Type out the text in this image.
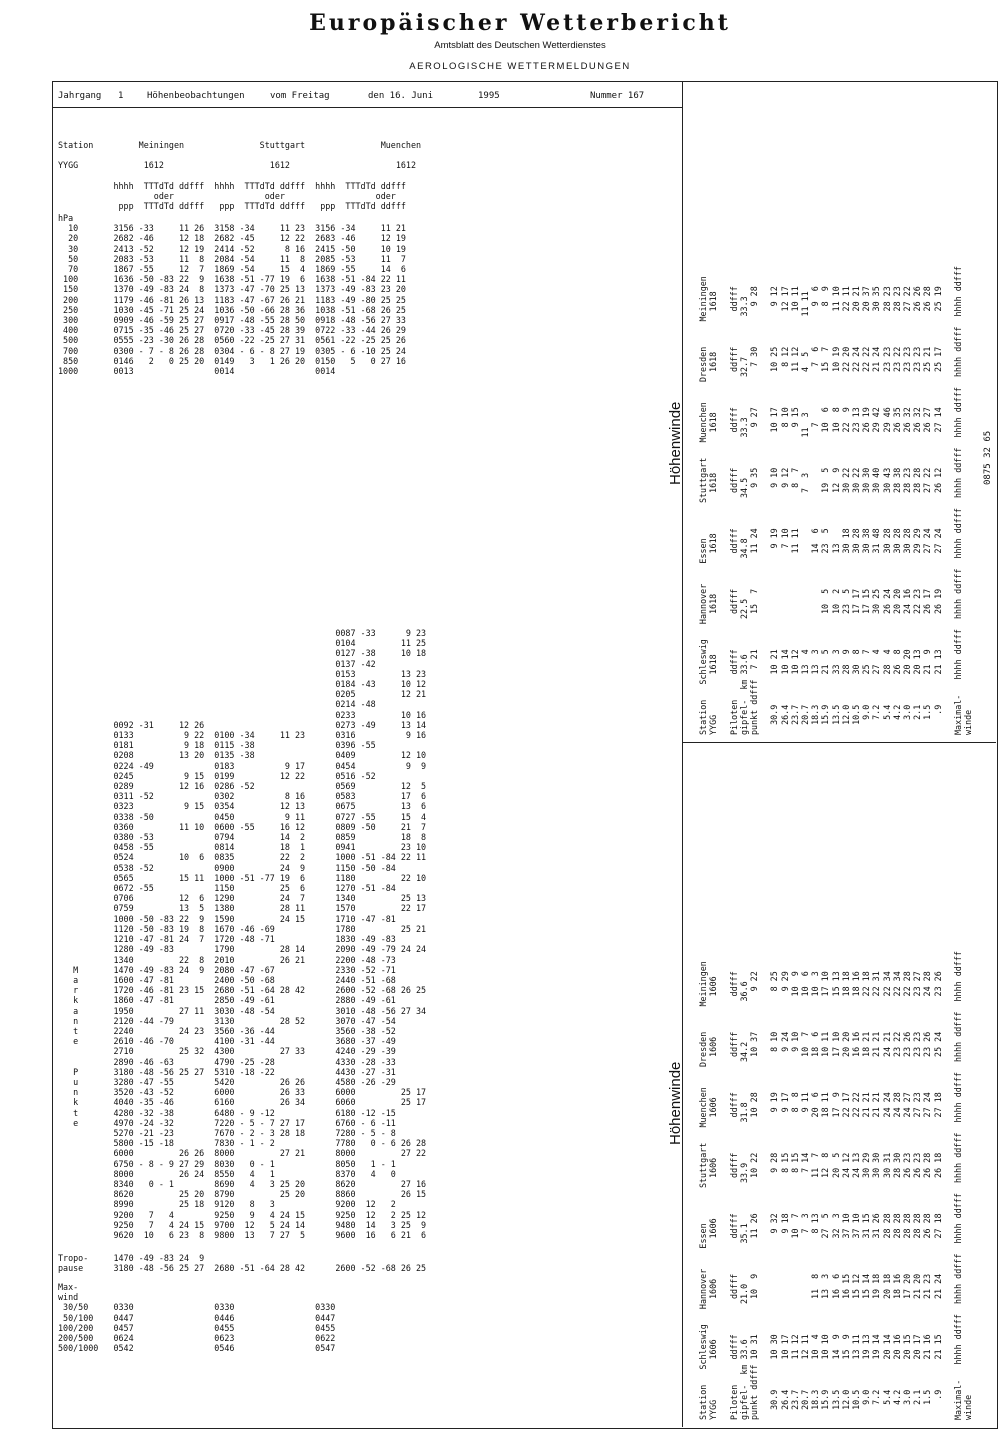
Europäischer Wetterbericht
Amtsblatt des Deutschen Wetterdienstes
AEROLOGISCHE WETTERMELDUNGEN
Jahrgang 1	Höhenbeobachtungen	vom Freitag	den 16. Juni	1995	Nummer 167
Station         Meiningen               Stuttgart               Muenchen

YYGG             1612                     1612                     1612

hhhh  TTTdTd ddfff  hhhh  TTTdTd ddfff  hhhh  TTTdTd ddfff
oder                  oder                  oder
ppp  TTTdTd ddfff   ppp  TTTdTd ddfff   ppp  TTTdTd ddfff
hPa
10       3156 -33     11 26  3158 -34     11 23  3156 -34     11 21
20       2682 -46     12 18  2682 -45     12 22  2683 -46     12 19
30       2413 -52     12 19  2414 -52      8 16  2415 -50     10 19
50       2083 -53     11  8  2084 -54     11  8  2085 -53     11  7
70       1867 -55     12  7  1869 -54     15  4  1869 -55     14  6
100       1636 -50 -83 22  9  1638 -51 -77 19  6  1638 -51 -84 22 11
150       1370 -49 -83 24  8  1373 -47 -70 25 13  1373 -49 -83 23 20
200       1179 -46 -81 26 13  1183 -47 -67 26 21  1183 -49 -80 25 25
250       1030 -45 -71 25 24  1036 -50 -66 28 36  1038 -51 -68 26 25
300       0909 -46 -59 25 27  0917 -48 -55 28 50  0918 -48 -56 27 33
400       0715 -35 -46 25 27  0720 -33 -45 28 39  0722 -33 -44 26 29
500       0555 -23 -30 26 28  0560 -22 -25 27 31  0561 -22 -25 25 26
700       0300 - 7 - 8 26 28  0304 - 6 - 8 27 19  0305 - 6 -10 25 24
850       0146   2   0 25 20  0149   3   1 26 20  0150   5   0 27 16
1000       0013                0014                0014
0087 -33      9 23
0104         11 25
0127 -38     10 18
0137 -42
0153         13 23
0184 -43     10 12
0205         12 21
0214 -48
0233         10 16
0092 -31     12 26                          0273 -49     13 14
0133          9 22  0100 -34     11 23      0316          9 16
0181          9 18  0115 -38                0396 -55
0208         13 20  0135 -38                0409         12 10
0224 -49            0183          9 17      0454          9  9
0245          9 15  0199         12 22      0516 -52
0289         12 16  0286 -52                0569         12  5
0311 -52            0302          8 16      0583         17  6
0323          9 15  0354         12 13      0675         13  6
0338 -50            0450          9 11      0727 -55     15  4
0360         11 10  0600 -55     16 12      0809 -50     21  7
0380 -53            0794         14  2      0859         18  8
0458 -55            0814         18  1      0941         23 10
0524         10  6  0835         22  2      1000 -51 -84 22 11
0538 -52            0900         24  9      1150 -50 -84
0565         15 11  1000 -51 -77 19  6      1180         22 10
0672 -55            1150         25  6      1270 -51 -84
0706         12  6  1290         24  7      1340         25 13
0759         13  5  1380         28 11      1570         22 17
1000 -50 -83 22  9  1590         24 15      1710 -47 -81
1120 -50 -83 19  8  1670 -46 -69            1780         25 21
1210 -47 -81 24  7  1720 -48 -71            1830 -49 -83
1280 -49 -83        1790         28 14      2090 -49 -79 24 24
1340         22  8  2010         26 21      2200 -48 -73
M       1470 -49 -83 24  9  2080 -47 -67            2330 -52 -71
a       1600 -47 -81        2400 -50 -68            2440 -51 -68
r       1720 -46 -81 23 15  2680 -51 -64 28 42      2600 -52 -68 26 25
k       1860 -47 -81        2850 -49 -61            2880 -49 -61
a       1950         27 11  3030 -48 -54            3010 -48 -56 27 34
n       2120 -44 -79        3130         28 52      3070 -47 -54
t       2240         24 23  3560 -36 -44            3560 -38 -52
e       2610 -46 -70        4100 -31 -44            3680 -37 -49
2710         25 32  4300         27 33      4240 -29 -39
2890 -46 -63        4790 -25 -28            4330 -28 -33
P       3180 -48 -56 25 27  5310 -18 -22            4430 -27 -31
u       3280 -47 -55        5420         26 26      4580 -26 -29
n       3520 -43 -52        6000         26 33      6000         25 17
k       4040 -35 -46        6160         26 34      6060         25 17
t       4280 -32 -38        6480 - 9 -12            6180 -12 -15
e       4970 -24 -32        7220 - 5 - 7 27 17      6760 - 6 -11
5270 -21 -23        7670 - 2 - 3 28 18      7280 - 5 - 8
5800 -15 -18        7830 - 1 - 2            7780   0 - 6 26 28
6000         26 26  8000         27 21      8000         27 22
6750 - 8 - 9 27 29  8030   0 - 1            8050   1 - 1
8000         26 24  8550   4   1            8370   4   0
8340   0 - 1        8690   4   3 25 20      8620         27 16
8620         25 20  8790         25 20      8860         26 15
8990         25 18  9120   8   3            9200  12   2
9200   7   4        9250   9   4 24 15      9250  12   2 25 12
9250   7   4 24 15  9700  12   5 24 14      9480  14   3 25  9
9620  10   6 23  8  9800  13   7 27  5      9600  16   6 21  6
Tropo-     1470 -49 -83 24  9
pause      3180 -48 -56 25 27  2680 -51 -64 28 42      2600 -52 -68 26 25
Max-
wind
30/50     0330                0330                0330
50/100    0447                0446                0447
100/200    0457                0455                0455
200/500    0624                0623                0622
500/1000   0542                0546                0547
Station   Schleswig   Hannover    Essen       Stuttgart   Muenchen    Dresden     Meiningen
YYGG        1618        1618        1618        1618        1618        1618        1618

Piloten     ddfff       ddfff       ddfff       ddfff       ddfff       ddfff       ddfff
gipfel-  km 33.6       22.5        34.8        34.5        33.3        32.7        33.3
punkt ddfff  7 21       15  7       11 24        9 35        9 27        7 30        9 28

30.9      10 21                    9 19        9 10       10 17       10 25        9 12
26.4      10 14                    7 10        9 12        8 10        8 12       12 17
23.7      10 12                   11 11        8  7        9 15       11 12       10 11
20.7      13  4                               7  3       11  3        4  5       11 11
18.3      13  3                   14  6                    7           7  6        9  6
15.9      21  5       10  5       23  5       19  5       10  6       15  7        8  9
13.5      33  3       10  2       13          12  9       10  8       10 19       11 10
12.0      28  9       23  5       30 18       30 22       22  9       22 20       22 11
10.5      30  8       17 17       30 28       30 22       23 13       22 24       20 21
9.0      25  7       17 15       30 38       30 30       26 19       22 22       20 37
7.2      27  4       30 25       31 48       30 40       29 42       21 24       30 35
5.4      28  4       26 24       30 28       30 43       29 46       23 23       28 23
4.2      26  8       20 20       30 28       28 38       26 35       23 22       28 23
3.0      20 20       24 16       30 28       28 23       26 32       23 23       27 22
2.1      20 13       22 23       29 29       28 28       26 32       23 23       26 26
1.5      21  9       26 17       27 24       27 22       26 27       25 21       26 28
.9      21 13       26 19       27 24       26 12       27 14       25 17       25 19

Maximal-   hhhh ddfff  hhhh ddfff  hhhh ddfff  hhhh ddfff  hhhh ddfff  hhhh ddfff  hhhh ddfff
winde
Station   Schleswig   Hannover    Essen       Stuttgart   Muenchen    Dresden     Meiningen
YYGG        1606        1606        1606        1606        1606        1606        1606

Piloten     ddfff       ddfff       ddfff       ddfff       ddfff       ddfff       ddfff
gipfel-  km 33.6       21.0        35.1        33.9        31.8        34.2        36.6
punkt ddfff 10 31       10  9       11 26       10 22       10 28       10 37        9 22

30.9      10 30                    9 32        9 28        9 19        8 10        8 25
26.4      10 17                    9 18        8 15        9 17        9 24        9 29
23.7      11 12                   10  7        8 15        8  8        9 10       10  9
20.7      12 11                    7  3        7 14        9 11       10  7       10  6
18.3      10  4       11  8        8 13       11  7       20  6       18  6       10  3
15.9      10 10       13  3       27  5       12  8       18 11       10 11       17 10
13.5      14  9       16  6       32  3       20  5       17  9       17 10       15 13
12.0      15  9       16 15       37 10       24 12       22 17       20 20       18 18
10.5      13 11       15 12       37 10       24 13       22 22       16 16       18 16
9.0      19 13       15 14       31 15       30 29       21 21       18 21       22 18
7.2      19 14       19 18       31 26       30 30       21 21       21 21       22 31
5.4      20 14       20 18       28 28       30 31       24 24       24 21       22 34
4.2      20 16       18 16       28 28       28 30       24 28       23 22       22 34
3.0      20 15       17 20       28 28       26 23       24 27       23 26       22 28
2.1      20 17       21 20       28 28       26 23       27 23       23 23       23 27
1.5      21 16       21 23       26 28       26 28       27 24       23 26       24 28
.9      21 15       21 24       27 18       26 18       27 18       25 24       23 26

Maximal-   hhhh ddfff  hhhh ddfff  hhhh ddfff  hhhh ddfff  hhhh ddfff  hhhh ddfff  hhhh ddfff
winde
Höhenwinde
Höhenwinde
0875 32 65
